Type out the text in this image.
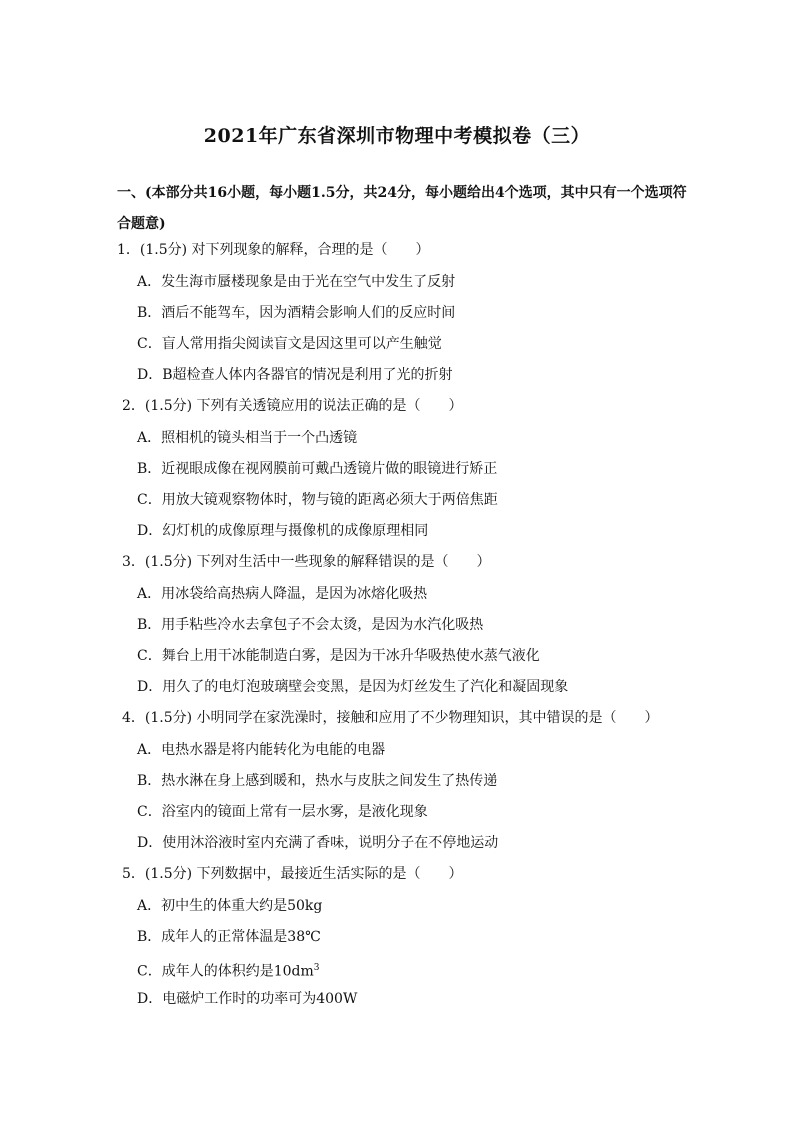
2021年广东省深圳市物理中考模拟卷（三）
一、(本部分共16小题，每小题1.5分，共24分，每小题给出4个选项，其中只有一个选项符合题意)
1．(1.5分) 对下列现象的解释，合理的是（　　）
A．发生海市蜃楼现象是由于光在空气中发生了反射
B．酒后不能驾车，因为酒精会影响人们的反应时间
C．盲人常用指尖阅读盲文是因这里可以产生触觉
D．B超检查人体内各器官的情况是利用了光的折射
2．(1.5分) 下列有关透镜应用的说法正确的是（　　）
A．照相机的镜头相当于一个凸透镜
B．近视眼成像在视网膜前可戴凸透镜片做的眼镜进行矫正
C．用放大镜观察物体时，物与镜的距离必须大于两倍焦距
D．幻灯机的成像原理与摄像机的成像原理相同
3．(1.5分) 下列对生活中一些现象的解释错误的是（　　）
A．用冰袋给高热病人降温，是因为冰熔化吸热
B．用手粘些冷水去拿包子不会太烫，是因为水汽化吸热
C．舞台上用干冰能制造白雾，是因为干冰升华吸热使水蒸气液化
D．用久了的电灯泡玻璃壁会变黑，是因为灯丝发生了汽化和凝固现象
4．(1.5分) 小明同学在家洗澡时，接触和应用了不少物理知识，其中错误的是（　　）
A．电热水器是将内能转化为电能的电器
B．热水淋在身上感到暖和，热水与皮肤之间发生了热传递
C．浴室内的镜面上常有一层水雾，是液化现象
D．使用沐浴液时室内充满了香味，说明分子在不停地运动
5．(1.5分) 下列数据中，最接近生活实际的是（　　）
A．初中生的体重大约是50kg
B．成年人的正常体温是38℃
C．成年人的体积约是$10dm^3$
D．电磁炉工作时的功率可为400W
